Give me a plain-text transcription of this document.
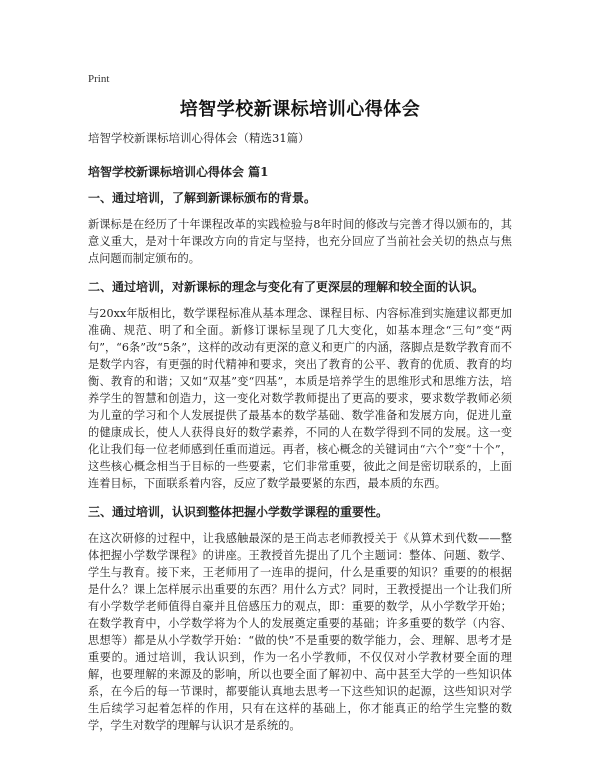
Print
培智学校新课标培训心得体会
培智学校新课标培训心得体会（精选31篇）
培智学校新课标培训心得体会 篇1
一、通过培训，了解到新课标颁布的背景。
新课标是在经历了十年课程改革的实践检验与8年时间的修改与完善才得以颁布的，其意义重大，是对十年课改方向的肯定与坚持，也充分回应了当前社会关切的热点与焦点问题而制定颁布的。
二、通过培训，对新课标的理念与变化有了更深层的理解和较全面的认识。
与20xx年版相比，数学课程标准从基本理念、课程目标、内容标准到实施建议都更加准确、规范、明了和全面。新修订课标呈现了几大变化，如基本理念“三句”变“两句”，“6条”改“5条”，这样的改动有更深的意义和更广的内涵，落脚点是数学教育而不是数学内容，有更强的时代精神和要求，突出了教育的公平、教育的优质、教育的均衡、教育的和谐；又如“双基”变“四基”，本质是培养学生的思维形式和思维方法，培养学生的智慧和创造力，这一变化对数学教师提出了更高的要求，要求数学教师必须为儿童的学习和个人发展提供了最基本的数学基础、数学准备和发展方向，促进儿童的健康成长，使人人获得良好的数学素养，不同的人在数学得到不同的发展。这一变化让我们每一位老师感到任重而道远。再者，核心概念的关键词由“六个”变“十个”，这些核心概念相当于目标的一些要素，它们非常重要，彼此之间是密切联系的，上面连着目标，下面联系着内容，反应了数学最要紧的东西，最本质的东西。
三、通过培训，认识到整体把握小学数学课程的重要性。
在这次研修的过程中，让我感触最深的是王尚志老师教授关于《从算术到代数——整体把握小学数学课程》的讲座。王教授首先提出了几个主题词：整体、问题、数学、学生与教育。接下来，王老师用了一连串的提问，什么是重要的知识？重要的的根据是什么？课上怎样展示出重要的东西？用什么方式？同时，王教授提出一个让我们所有小学数学老师值得自豪并且倍感压力的观点，即：重要的数学，从小学数学开始；在数学教育中，小学数学将为个人的发展奠定重要的基础；许多重要的数学（内容、思想等）都是从小学数学开始：“做的快”不是重要的数学能力，会、理解、思考才是重要的。通过培训，我认识到，作为一名小学教师，不仅仅对小学教材要全面的理解，也要理解的来源及的影响，所以也要全面了解初中、高中甚至大学的一些知识体系，在今后的每一节课时，都要能认真地去思考一下这些知识的起源，这些知识对学生后续学习起着怎样的作用，只有在这样的基础上，你才能真正的给学生完整的数学，学生对数学的理解与认识才是系统的。
